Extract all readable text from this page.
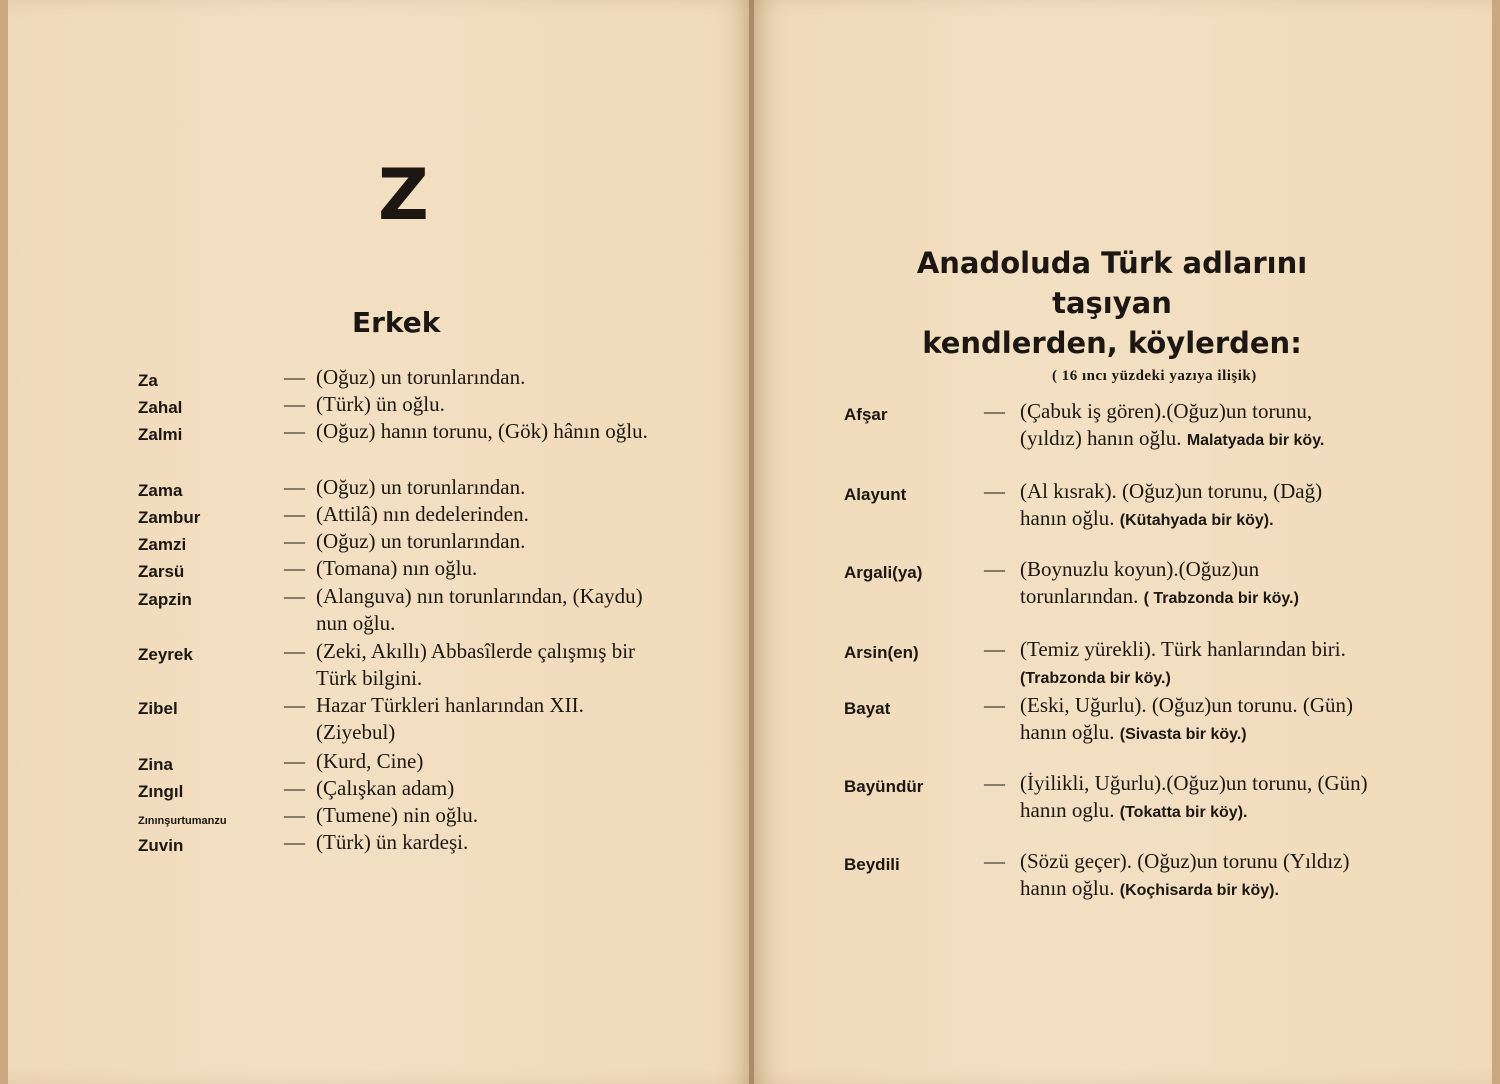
Z
Erkek
Za	— (Oğuz) un torunlarından.
Zahal	— (Türk) ün oğlu.
Zalmi	— (Oğuz) hanın torunu, (Gök) hânın oğlu.
Zama	— (Oğuz) un torunlarından.
Zambur	— (Attilâ) nın dedelerinden.
Zamzi	— (Oğuz) un torunlarından.
Zarsü	— (Tomana) nın oğlu.
Zapzin	— (Alanguva) nın torunlarından, (Kaydu) nun oğlu.
Zeyrek	— (Zeki, Akıllı) Abbasîlerde çalışmış bir Türk bilgini.
Zibel	— Hazar Türkleri hanlarından XII. (Ziyebul)
Zina	— (Kurd, Cine)
Zıngıl	— (Çalışkan adam)
Zınınşurtumanzu	— (Tumene) nin oğlu.
Zuvin	— (Türk) ün kardeşi.
Anadoluda Türk adlarını taşıyan
kendlerden, köylerden:
( 16 ıncı yüzdeki yazıya ilişik)
Afşar	— (Çabuk iş gören).(Oğuz)un torunu, (yıldız) hanın oğlu. Malatyada bir köy.
Alayunt	— (Al kısrak). (Oğuz)un torunu, (Dağ) hanın oğlu. (Kütahyada bir köy).
Argali(ya)	— (Boynuzlu koyun).(Oğuz)un torunlarından. ( Trabzonda bir köy.)
Arsin(en)	— (Temiz yürekli). Türk hanlarından biri. (Trabzonda bir köy.)
Bayat	— (Eski, Uğurlu). (Oğuz)un torunu. (Gün) hanın oğlu. (Sivasta bir köy.)
Bayündür	— (İyilikli, Uğurlu).(Oğuz)un torunu, (Gün) hanın oglu. (Tokatta bir köy).
Beydili	— (Sözü geçer). (Oğuz)un torunu (Yıldız) hanın oğlu. (Koçhisarda bir köy).
